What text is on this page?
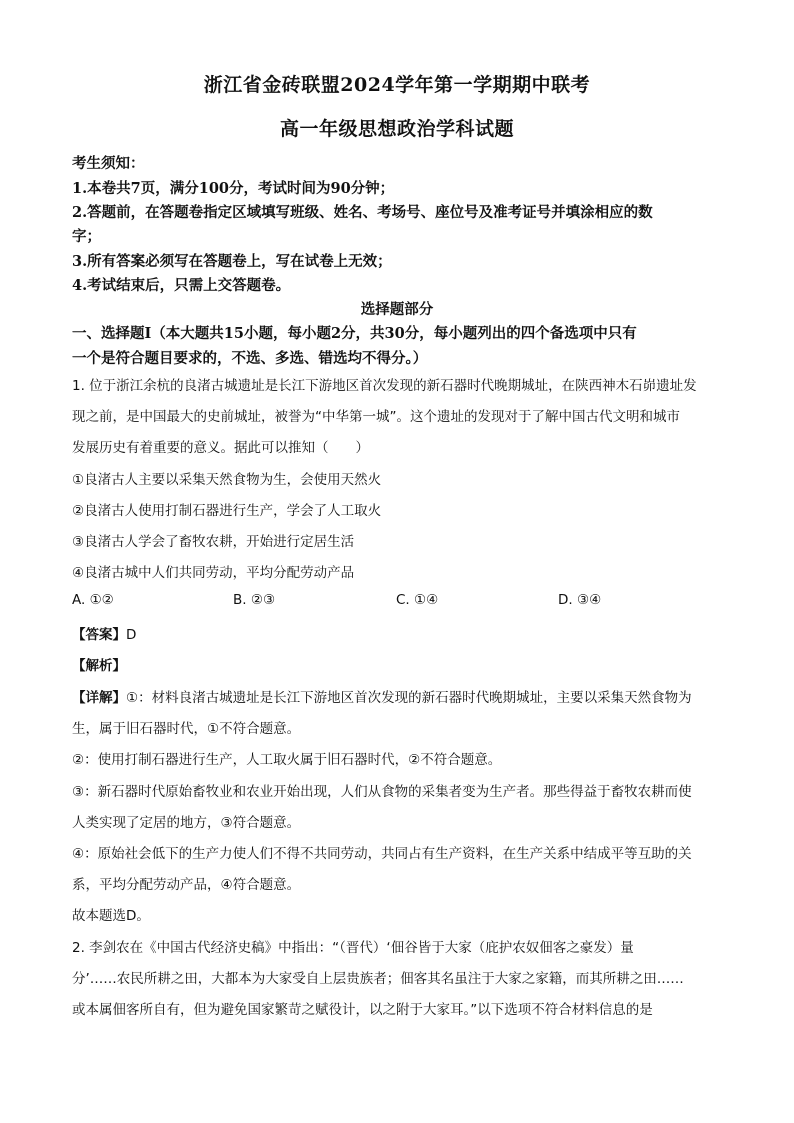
浙江省金砖联盟2024学年第一学期期中联考
高一年级思想政治学科试题
考生须知：
1.本卷共7页，满分100分，考试时间为90分钟；
2.答题前，在答题卷指定区域填写班级、姓名、考场号、座位号及准考证号并填涂相应的数
字；
3.所有答案必须写在答题卷上，写在试卷上无效；
4.考试结束后，只需上交答题卷。
选择题部分
一、选择题Ⅰ（本大题共15小题，每小题2分，共30分，每小题列出的四个备选项中只有
一个是符合题目要求的，不选、多选、错选均不得分。）
1. 位于浙江余杭的良渚古城遗址是长江下游地区首次发现的新石器时代晚期城址，在陕西神木石峁遗址发
现之前，是中国最大的史前城址，被誉为“中华第一城”。这个遗址的发现对于了解中国古代文明和城市
发展历史有着重要的意义。据此可以推知（　　）
①良渚古人主要以采集天然食物为生，会使用天然火
②良渚古人使用打制石器进行生产，学会了人工取火
③良渚古人学会了畜牧农耕，开始进行定居生活
④良渚古城中人们共同劳动，平均分配劳动产品
A. ①②	B. ②③	C. ①④	D. ③④
【答案】D
【解析】
【详解】①：材料良渚古城遗址是长江下游地区首次发现的新石器时代晚期城址，主要以采集天然食物为
生，属于旧石器时代，①不符合题意。
②：使用打制石器进行生产，人工取火属于旧石器时代，②不符合题意。
③：新石器时代原始畜牧业和农业开始出现，人们从食物的采集者变为生产者。那些得益于畜牧农耕而使
人类实现了定居的地方，③符合题意。
④：原始社会低下的生产力使人们不得不共同劳动，共同占有生产资料，在生产关系中结成平等互助的关
系，平均分配劳动产品，④符合题意。
故本题选D。
2. 李剑农在《中国古代经济史稿》中指出：“（晋代）‘佃谷皆于大家（庇护农奴佃客之豪发）量
分’……农民所耕之田，大都本为大家受自上层贵族者；佃客其名虽注于大家之家籍，而其所耕之田……
或本属佃客所自有，但为避免国家繁苛之赋役计，以之附于大家耳。”以下选项不符合材料信息的是
